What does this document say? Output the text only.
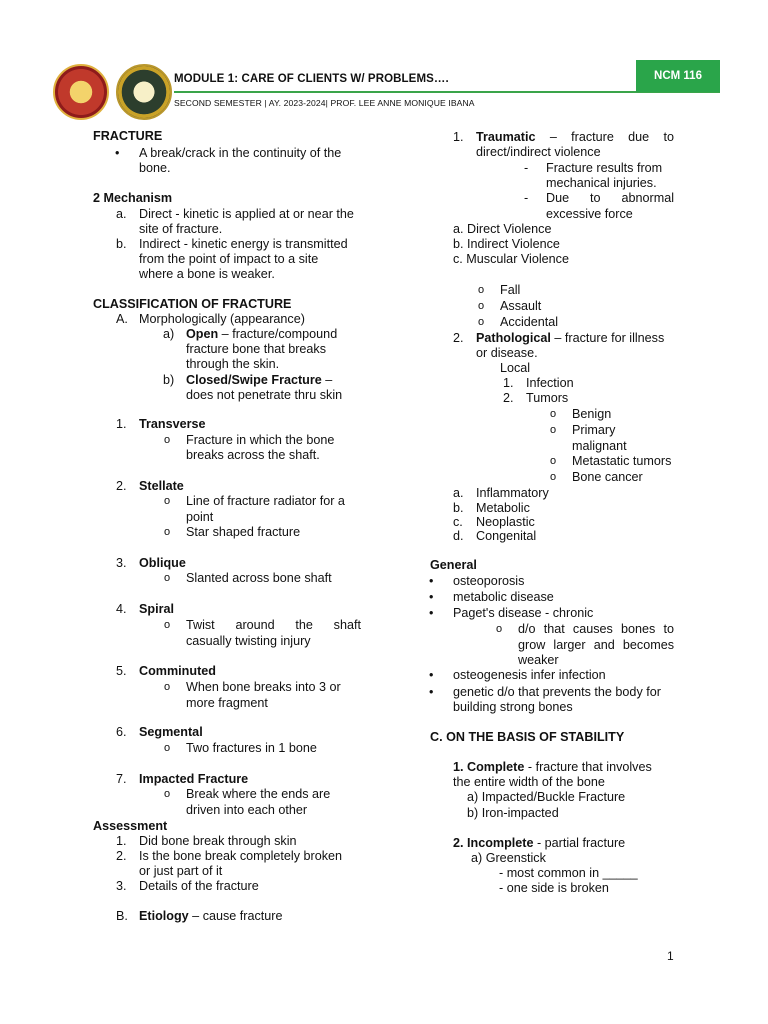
MODULE 1: CARE OF CLIENTS W/ PROBLEMS….
SECOND SEMESTER | AY. 2023-2024| PROF. LEE ANNE MONIQUE IBANA
NCM 116
FRACTURE
• A break/crack in the continuity of the
bone.
2 Mechanism
a. Direct - kinetic is applied at or near the
site of fracture.
b. Indirect - kinetic energy is transmitted
from the point of impact to a site
where a bone is weaker.
CLASSIFICATION OF FRACTURE
A. Morphologically (appearance)
a) Open – fracture/compound
fracture bone that breaks
through the skin.
b) Closed/Swipe Fracture –
does not penetrate thru skin
1. Transverse
o Fracture in which the bone
breaks across the shaft.
2. Stellate
o Line of fracture radiator for a
point
o Star shaped fracture
3. Oblique
o Slanted across bone shaft
4. Spiral
o Twist around the shaft
casually twisting injury
5. Comminuted
o When bone breaks into 3 or
more fragment
6. Segmental
o Two fractures in 1 bone
7. Impacted Fracture
o Break where the ends are
driven into each other
Assessment
1. Did bone break through skin
2. Is the bone break completely broken
or just part of it
3. Details of the fracture
B. Etiology – cause fracture
1. Traumatic – fracture due to
direct/indirect violence
- Fracture results from
mechanical injuries.
- Due to abnormal
excessive force
a. Direct Violence
b. Indirect Violence
c. Muscular Violence
o Fall
o Assault
o Accidental
2. Pathological – fracture for illness
or disease.
Local
1. Infection
2. Tumors
o Benign
o Primary
malignant
o Metastatic tumors
o Bone cancer
a. Inflammatory
b. Metabolic
c. Neoplastic
d. Congenital
General
• osteoporosis
• metabolic disease
• Paget's disease - chronic
o d/o that causes bones to
grow larger and becomes
weaker
• osteogenesis infer infection
• genetic d/o that prevents the body for
building strong bones
C. ON THE BASIS OF STABILITY
1. Complete - fracture that involves
the entire width of the bone
a) Impacted/Buckle Fracture
b) Iron-impacted
2. Incomplete - partial fracture
a) Greenstick
- most common in _____
- one side is broken
1
